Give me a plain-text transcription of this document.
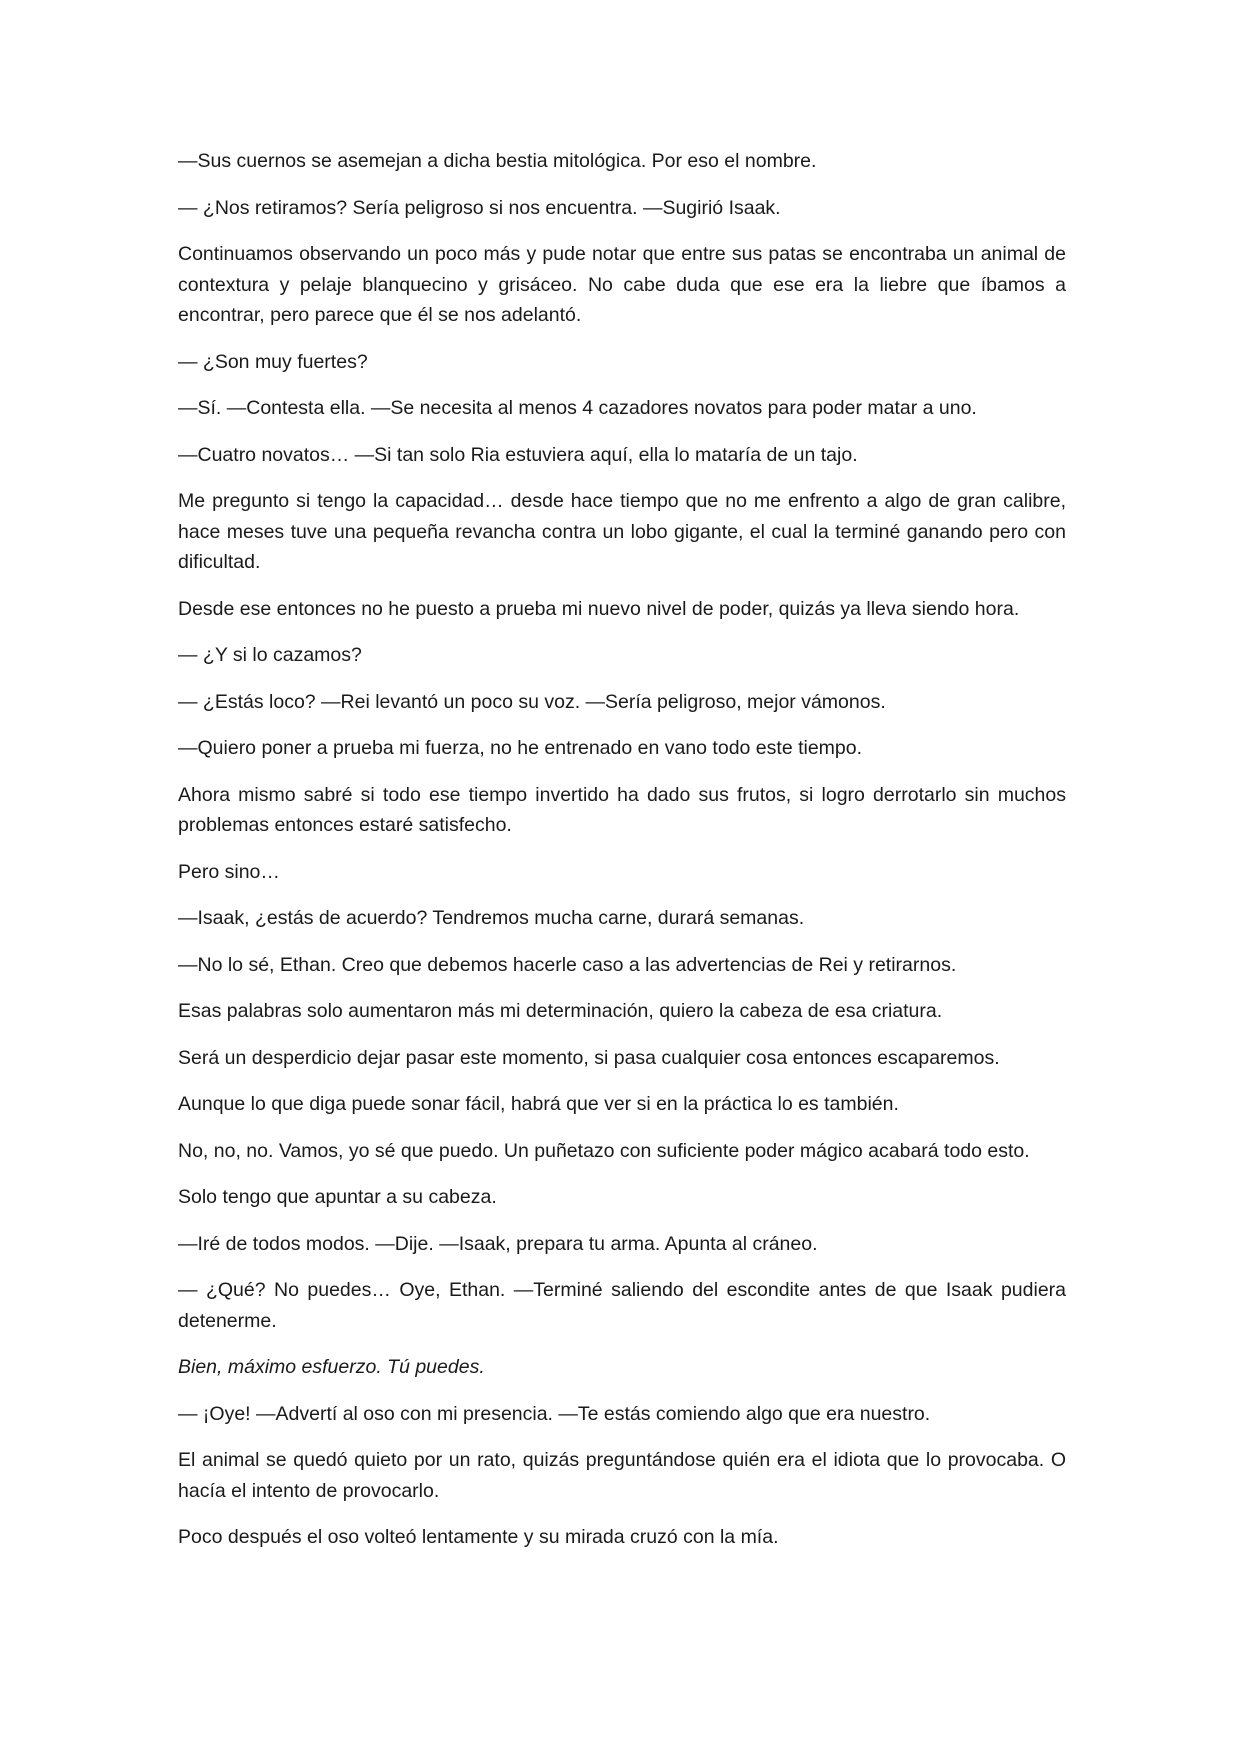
—Sus cuernos se asemejan a dicha bestia mitológica. Por eso el nombre.

— ¿Nos retiramos? Sería peligroso si nos encuentra. —Sugirió Isaak.

Continuamos observando un poco más y pude notar que entre sus patas se encontraba un animal de contextura y pelaje blanquecino y grisáceo. No cabe duda que ese era la liebre que íbamos a encontrar, pero parece que él se nos adelantó.

— ¿Son muy fuertes?

—Sí. —Contesta ella. —Se necesita al menos 4 cazadores novatos para poder matar a uno.

—Cuatro novatos… —Si tan solo Ria estuviera aquí, ella lo mataría de un tajo.

Me pregunto si tengo la capacidad… desde hace tiempo que no me enfrento a algo de gran calibre, hace meses tuve una pequeña revancha contra un lobo gigante, el cual la terminé ganando pero con dificultad.

Desde ese entonces no he puesto a prueba mi nuevo nivel de poder, quizás ya lleva siendo hora.

— ¿Y si lo cazamos?

— ¿Estás loco? —Rei levantó un poco su voz. —Sería peligroso, mejor vámonos.

—Quiero poner a prueba mi fuerza, no he entrenado en vano todo este tiempo.

Ahora mismo sabré si todo ese tiempo invertido ha dado sus frutos, si logro derrotarlo sin muchos problemas entonces estaré satisfecho.

Pero sino…

—Isaak, ¿estás de acuerdo? Tendremos mucha carne, durará semanas.

—No lo sé, Ethan. Creo que debemos hacerle caso a las advertencias de Rei y retirarnos.

Esas palabras solo aumentaron más mi determinación, quiero la cabeza de esa criatura.

Será un desperdicio dejar pasar este momento, si pasa cualquier cosa entonces escaparemos.

Aunque lo que diga puede sonar fácil, habrá que ver si en la práctica lo es también.

No, no, no. Vamos, yo sé que puedo. Un puñetazo con suficiente poder mágico acabará todo esto.

Solo tengo que apuntar a su cabeza.

—Iré de todos modos. —Dije. —Isaak, prepara tu arma. Apunta al cráneo.

— ¿Qué? No puedes… Oye, Ethan. —Terminé saliendo del escondite antes de que Isaak pudiera detenerme.

Bien, máximo esfuerzo. Tú puedes.

— ¡Oye! —Advertí al oso con mi presencia. —Te estás comiendo algo que era nuestro.

El animal se quedó quieto por un rato, quizás preguntándose quién era el idiota que lo provocaba. O hacía el intento de provocarlo.

Poco después el oso volteó lentamente y su mirada cruzó con la mía.
